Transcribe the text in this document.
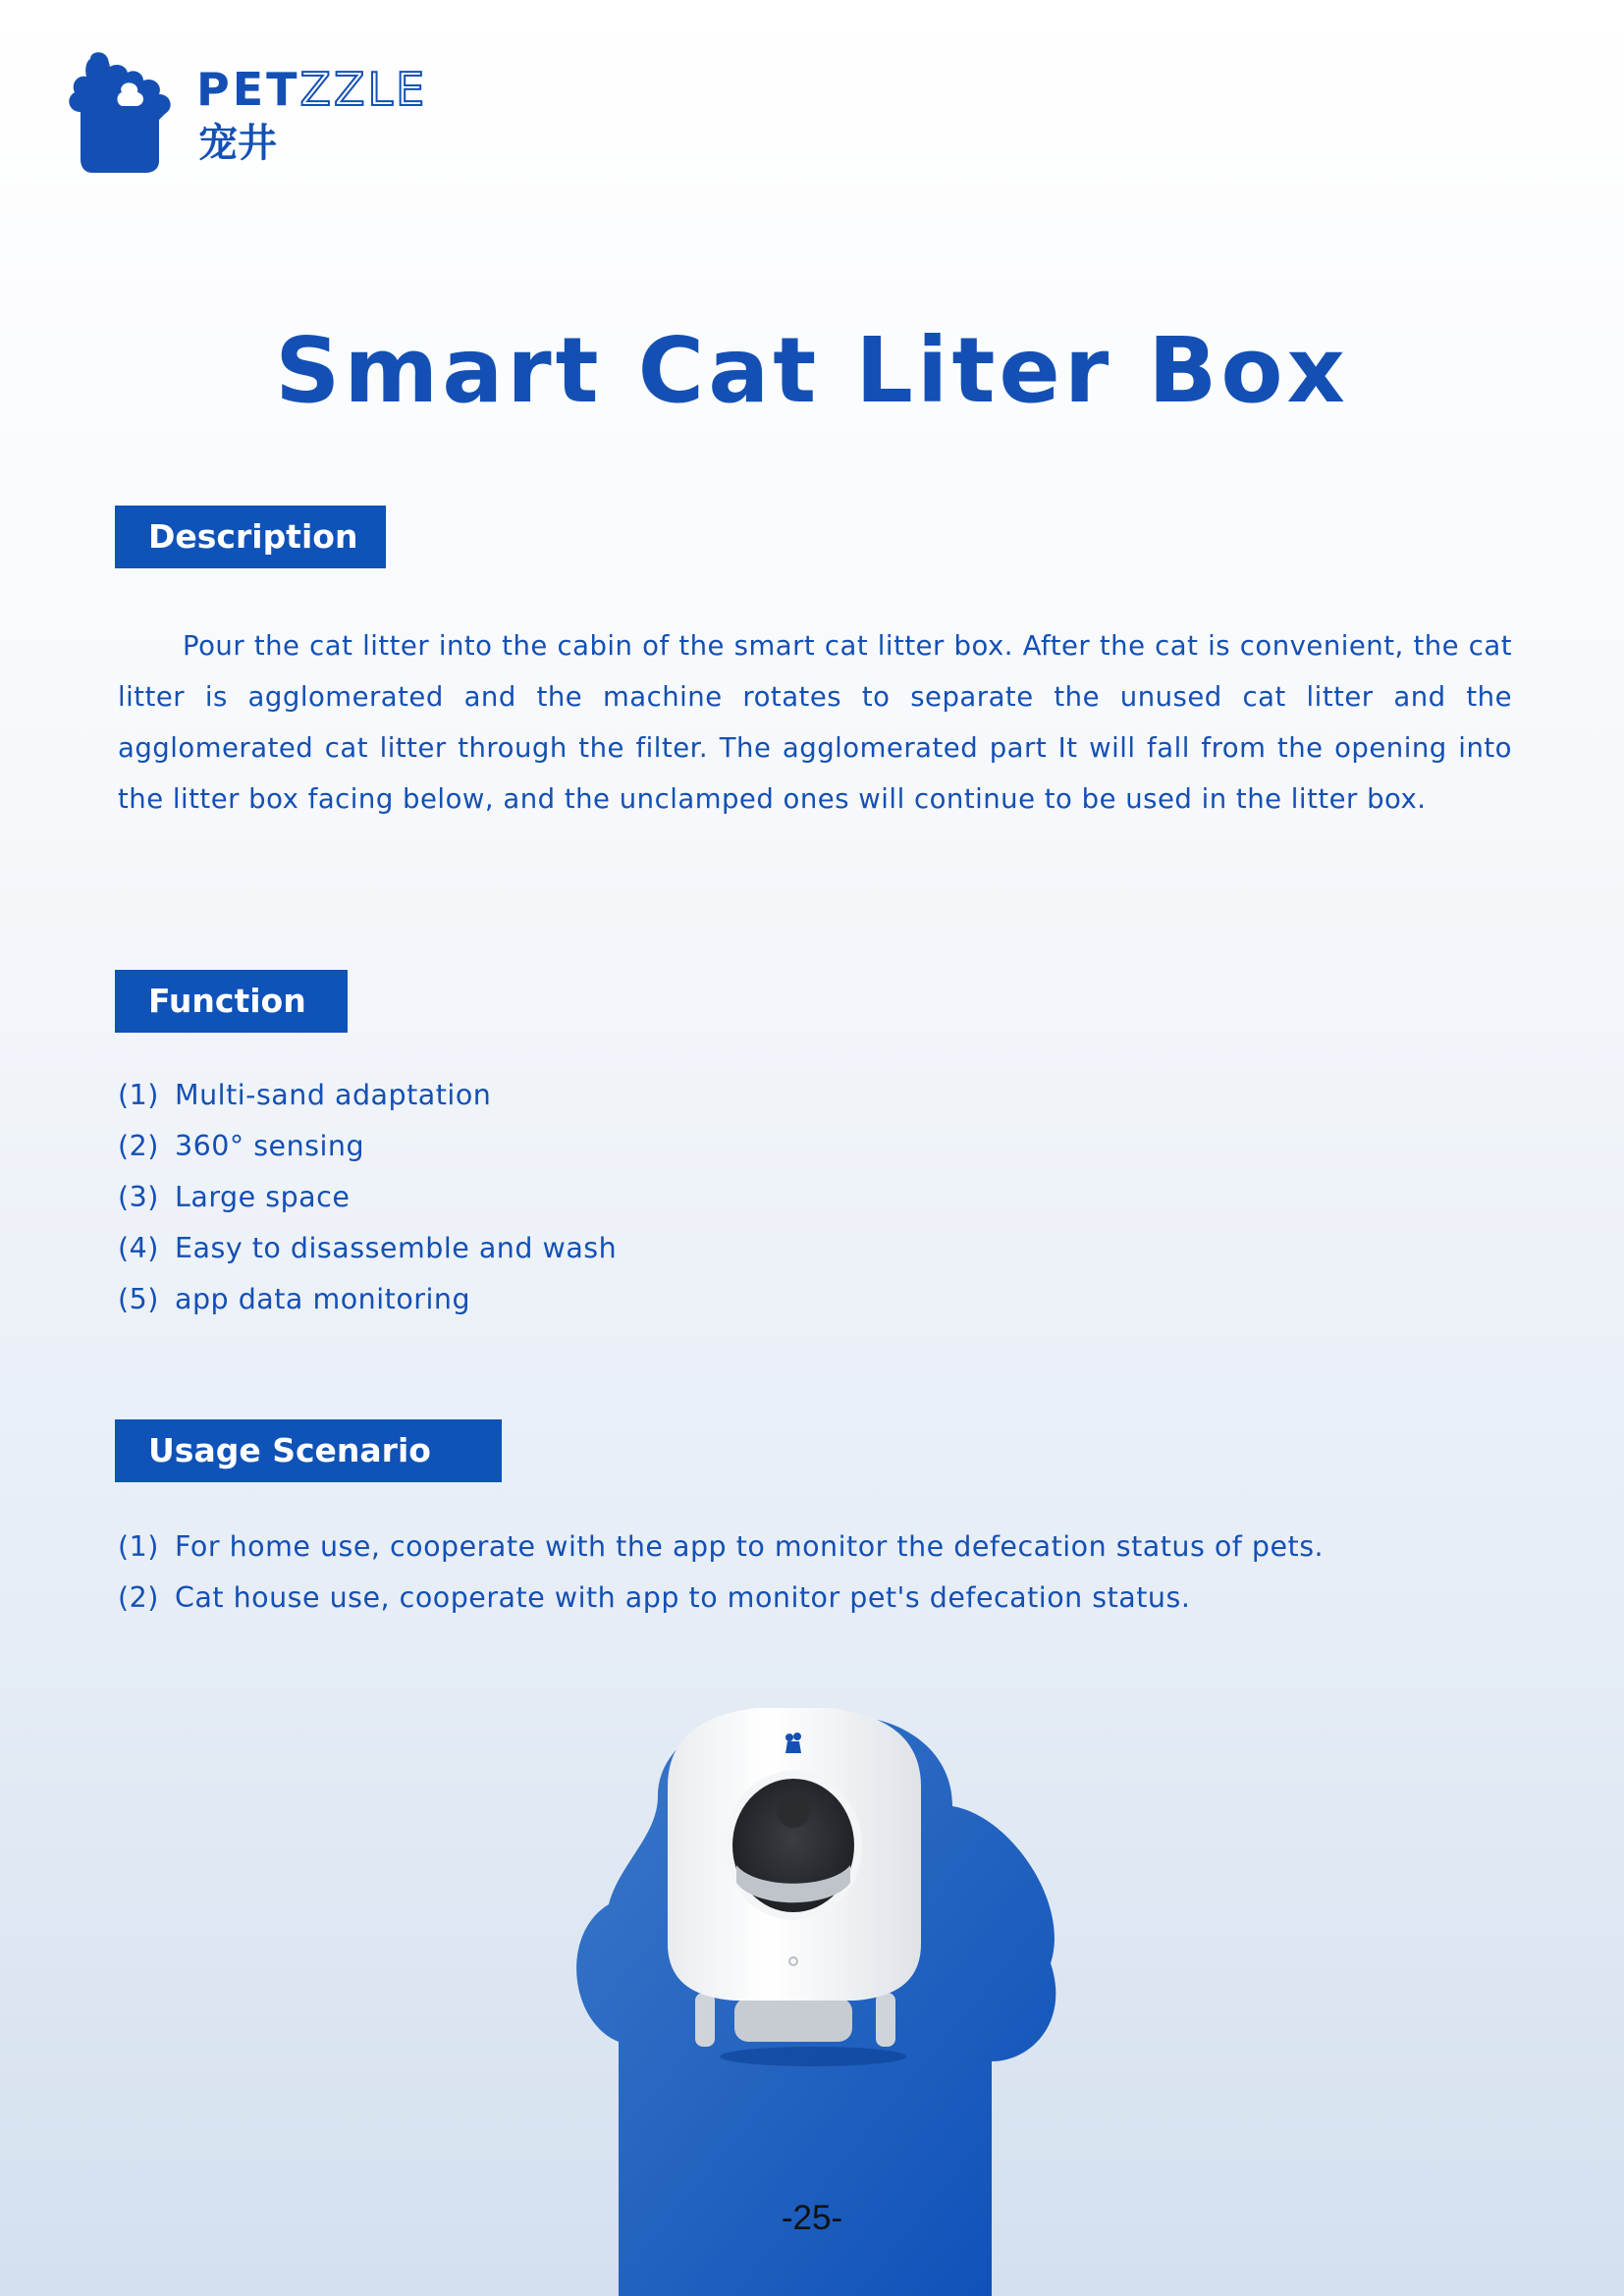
PETZZLE
宠井
Smart Cat Liter Box
Description

Pour the cat litter into the cabin of the smart cat litter box. After the cat is convenient, the cat litter is agglomerated and the machine rotates to separate the unused cat litter and the agglomerated cat litter through the filter. The agglomerated part It will fall from the opening into the litter box facing below, and the unclamped ones will continue to be used in the litter box.

Function
(1) Multi-sand adaptation
(2) 360° sensing
(3) Large space
(4) Easy to disassemble and wash
(5) app data monitoring
Usage Scenario
(1) For home use, cooperate with the app to monitor the defecation status of pets.
(2) Cat house use, cooperate with app to monitor pet's defecation status.
-25-
